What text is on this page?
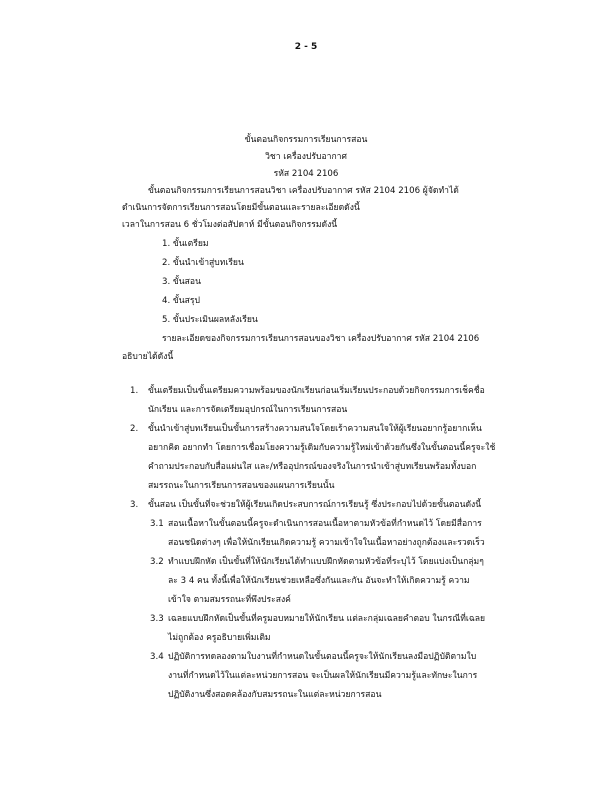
2 - 5
ขั้นตอนกิจกรรมการเรียนการสอน
วิชา เครื่องปรับอากาศ
รหัส 2104 2106
ขั้นตอนกิจกรรมการเรียนการสอนวิชา เครื่องปรับอากาศ รหัส 2104 2106 ผู้จัดทำได้
ดำเนินการจัดการเรียนการสอนโดยมีขั้นตอนและรายละเอียดดังนี้
เวลาในการสอน 6 ชั่วโมงต่อสัปดาห์ มีขั้นตอนกิจกรรมดังนี้
1. ขั้นเตรียม
2. ขั้นนำเข้าสู่บทเรียน
3. ขั้นสอน
4. ขั้นสรุป
5. ขั้นประเมินผลหลังเรียน
รายละเอียดของกิจกรรมการเรียนการสอนของวิชา เครื่องปรับอากาศ รหัส 2104 2106
อธิบายได้ดังนี้
1. ขั้นเตรียมเป็นขั้นเตรียมความพร้อมของนักเรียนก่อนเริ่มเรียนประกอบด้วยกิจกรรมการเช็คชื่อ
นักเรียน และการจัดเตรียมอุปกรณ์ในการเรียนการสอน
2. ขั้นนำเข้าสู่บทเรียนเป็นขั้นการสร้างความสนใจโดยเร้าความสนใจให้ผู้เรียนอยากรู้อยากเห็น
อยากคิด อยากทำ โดยการเชื่อมโยงความรู้เดิมกับความรู้ใหม่เข้าด้วยกันซึ่งในขั้นตอนนี้ครูจะใช้
คำถามประกอบกับสื่อแผ่นใส และ/หรืออุปกรณ์ของจริงในการนำเข้าสู่บทเรียนพร้อมทั้งบอก
สมรรถนะในการเรียนการสอนของแผนการเรียนนั้น
3. ขั้นสอน เป็นขั้นที่จะช่วยให้ผู้เรียนเกิดประสบการณ์การเรียนรู้ ซึ่งประกอบไปด้วยขั้นตอนดังนี้
3.1 สอนเนื้อหาในขั้นตอนนี้ครูจะดำเนินการสอนเนื้อหาตามหัวข้อที่กำหนดไว้ โดยมีสื่อการ
สอนชนิดต่างๆ เพื่อให้นักเรียนเกิดความรู้ ความเข้าใจในเนื้อหาอย่างถูกต้องและรวดเร็ว
3.2 ทำแบบฝึกหัด เป็นขั้นที่ให้นักเรียนได้ทำแบบฝึกหัดตามหัวข้อที่ระบุไว้ โดยแบ่งเป็นกลุ่มๆ
ละ 3 4 คน ทั้งนี้เพื่อให้นักเรียนช่วยเหลือซึ่งกันและกัน อันจะทำให้เกิดความรู้ ความ
เข้าใจ ตามสมรรถนะที่พึงประสงค์
3.3 เฉลยแบบฝึกหัดเป็นขั้นที่ครูมอบหมายให้นักเรียน แต่ละกลุ่มเฉลยคำตอบ ในกรณีที่เฉลย
ไม่ถูกต้อง ครูอธิบายเพิ่มเติม
3.4 ปฏิบัติการทดลองตามใบงานที่กำหนดในขั้นตอนนี้ครูจะให้นักเรียนลงมือปฏิบัติตามใบ
งานที่กำหนดไว้ในแต่ละหน่วยการสอน จะเป็นผลให้นักเรียนมีความรู้และทักษะในการ
ปฏิบัติงานซึ่งสอดคล้องกับสมรรถนะในแต่ละหน่วยการสอน
